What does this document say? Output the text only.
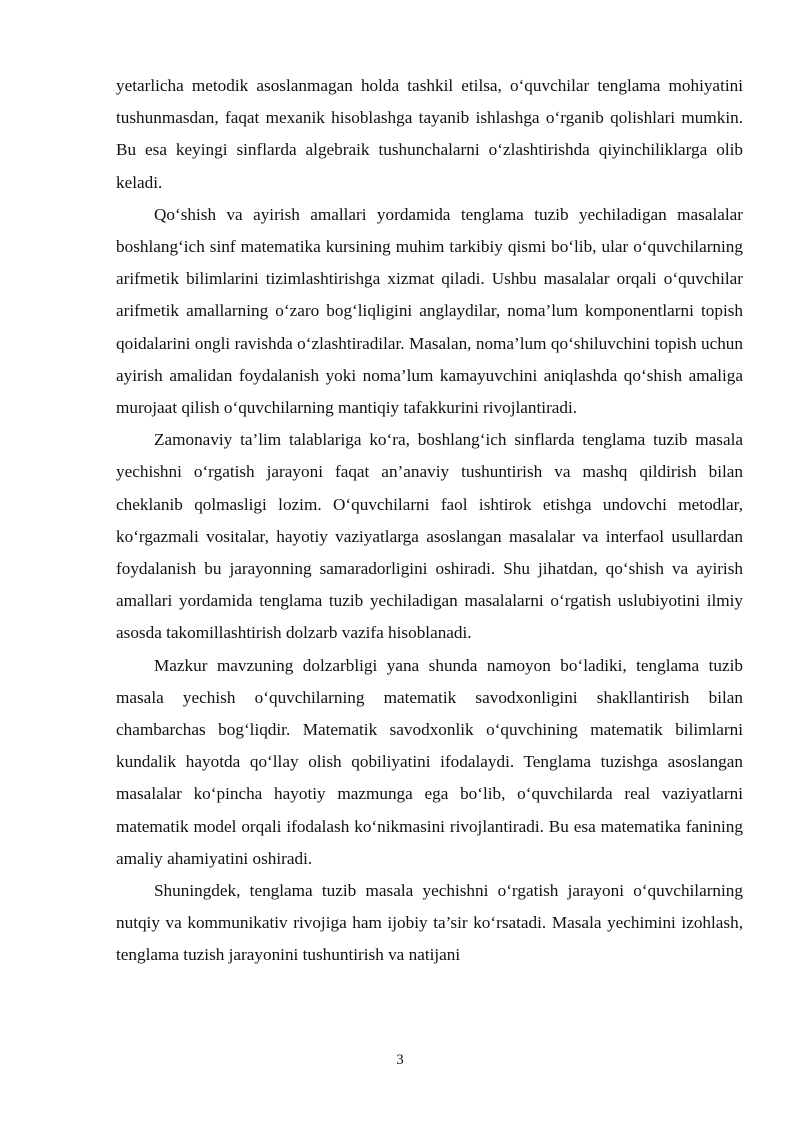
yetarlicha metodik asoslanmagan holda tashkil etilsa, o‘quvchilar tenglama mohiyatini tushunmasdan, faqat mexanik hisoblashga tayanib ishlashga o‘rganib qolishlari mumkin. Bu esa keyingi sinflarda algebraik tushunchalarni o‘zlashtirishda qiyinchiliklarga olib keladi.

Qo‘shish va ayirish amallari yordamida tenglama tuzib yechiladigan masalalar boshlang‘ich sinf matematika kursining muhim tarkibiy qismi bo‘lib, ular o‘quvchilarning arifmetik bilimlarini tizimlashtirishga xizmat qiladi. Ushbu masalalar orqali o‘quvchilar arifmetik amallarning o‘zaro bog‘liqligini anglaydilar, noma’lum komponentlarni topish qoidalarini ongli ravishda o‘zlashtiradilar. Masalan, noma’lum qo‘shiluvchini topish uchun ayirish amalidan foydalanish yoki noma’lum kamayuvchini aniqlashda qo‘shish amaliga murojaat qilish o‘quvchilarning mantiqiy tafakkurini rivojlantiradi.

Zamonaviy ta’lim talablariga ko‘ra, boshlang‘ich sinflarda tenglama tuzib masala yechishni o‘rgatish jarayoni faqat an’anaviy tushuntirish va mashq qildirish bilan cheklanib qolmasligi lozim. O‘quvchilarni faol ishtirok etishga undovchi metodlar, ko‘rgazmali vositalar, hayotiy vaziyatlarga asoslangan masalalar va interfaol usullardan foydalanish bu jarayonning samaradorligini oshiradi. Shu jihatdan, qo‘shish va ayirish amallari yordamida tenglama tuzib yechiladigan masalalarni o‘rgatish uslubiyotini ilmiy asosda takomillashtirish dolzarb vazifa hisoblanadi.

Mazkur mavzuning dolzarbligi yana shunda namoyon bo‘ladiki, tenglama tuzib masala yechish o‘quvchilarning matematik savodxonligini shakllantirish bilan chambarchas bog‘liqdir. Matematik savodxonlik o‘quvchining matematik bilimlarni kundalik hayotda qo‘llay olish qobiliyatini ifodalaydi. Tenglama tuzishga asoslangan masalalar ko‘pincha hayotiy mazmunga ega bo‘lib, o‘quvchilarda real vaziyatlarni matematik model orqali ifodalash ko‘nikmasini rivojlantiradi. Bu esa matematika fanining amaliy ahamiyatini oshiradi.

Shuningdek, tenglama tuzib masala yechishni o‘rgatish jarayoni o‘quvchilarning nutqiy va kommunikativ rivojiga ham ijobiy ta’sir ko‘rsatadi. Masala yechimini izohlash, tenglama tuzish jarayonini tushuntirish va natijani

3
